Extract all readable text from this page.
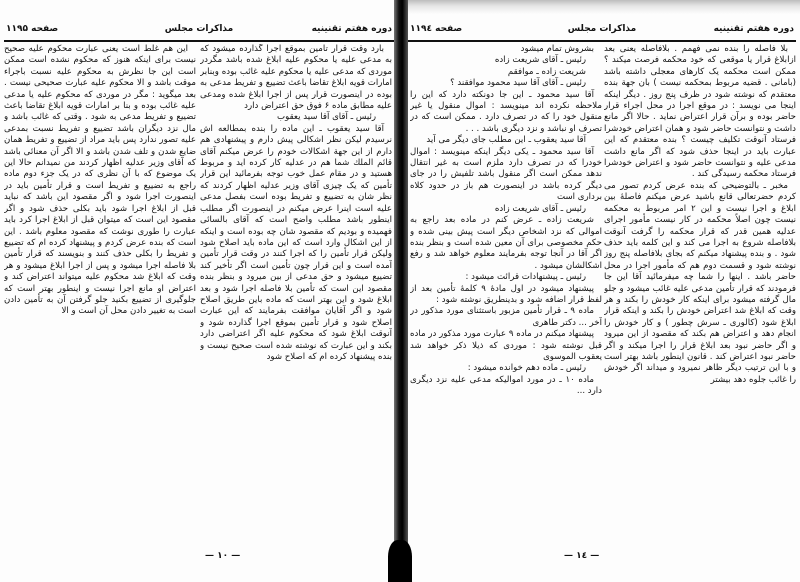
دوره هفتم تقنینیه
مذاکرات مجلس
صفحه ۱۱۹۵

بارد وقت قرار تأمین بموقع اجرا گذارده میشود که به مدعی علیه یا محکوم علیه ابلاغ شده باشد مگردر موردی که مدعی علیه یا محکوم علیه غائب بوده وبنابر امارات قویه ابلاغ تقاضا باعث تضییع و تفریط مدعی به بوده در اینصورت قرار پس از اجرا ابلاغ شده ومدعی علیه مطابق ماده ۶ فوق حق اعتراض دارد

رئیس ـ آقای آقا سید یعقوب

آقا سید یعقوب ـ این ماده را بنده بمطالعه اش نرسیدم لیکن نظر اشکالی پیش دارم و پیشنهادی هم دارم از این جهة اشکالات خودم را عرض میکنم آقای قائم الملك شما هم در عدلیه کار کرده اید و مربوط هستید و در مقام عمل خوب توجه بفرمائید این قرار تأمین که یک چیزی آقای وزیر عدلیه اظهار کردند که نظر شان به تضییع و تفریط بوده است بفصل مدعی علیه است اینرا عرض میکنم در اینصورت اگر مطلب اینطور باشد مطلب واضح است که آقای بالسائی فهمیده و بودیم که مقصود شان چه بوده است و اینکه از این اشکال وارد است که این ماده باید اصلاح شود ولیکن قرار تأمین را که اجرا کنند در وقت قرار تأمین آمده است و این قرار چون تأمین است اگر تأخیر کند تضییع میشود و حق مدعی از بین میرود و بنظر بنده مقصود این است که تأمین بلا فاصله اجرا شود و بعد ابلاغ شود و این بهتر است که ماده باین طریق اصلاح شود و اگر آقایان موافقت بفرمایند که این عبارت اصلاح شود و قرار تأمین بموقع اجرا گذارده شود و آنوقت ابلاغ شود که محکوم علیه اگر اعتراضی دارد بکند و این عبارت که نوشته شده است صحیح نیست و بنده پیشنهاد کرده ام که اصلاح شود

این هم غلط است یعنی عبارت محکوم علیه صحیح نیست برای اینکه هنوز که محکوم نشده است ممکن است این جا نظرش به محکوم علیه نسبت باجراء موقت باشد و الا محکوم علیه عبارت صحیحی نیست . بعد میگوید : مگر در موردی که محکوم علیه یا مدعی علیه غائب بوده و بنا بر امارات قویه ابلاغ تقاضا باعث تضییع و تفریط مدعی به شود . وقتی که غائب باشد و مال نزد دیگران باشد تضییع و تفریط نسبت بمدعی علیه تصور ندارد پس باید مراد از تضییع و تفریط همان ضایع شدن و تلف شدن باشد و الا اگر آن معنائی باشد که آقای وزیر عدلیه اظهار کردند من نمیدانم حالا این یک موضوع که با آن نظری که در یک جزء دوم ماده راجع به تضییع و تفریط است و قرار تأمین باید در اینصورت اجرا شود و اگر مقصود این باشد که نباید قبل از ابلاغ اجرا شود باید بکلی حذف شود و اگر مقصود این است که میتوان قبل از ابلاغ اجرا کرد باید عبارت را طوری نوشت که مقصود معلوم باشد . این است که بنده عرض کردم و پیشنهاد کرده ام که تضییع و تفریط را بکلی حذف کنند و بنویسند که قرار تأمین بلا فاصله اجرا میشود و پس از اجرا ابلاغ میشود و هر وقت که ابلاغ شد محکوم علیه میتواند اعتراض کند و اعتراض او مانع اجرا نیست و اینطور بهتر است که جلوگیری از تضییع بکنید جلو گرفتن آن به تأمین دادن است به تغییر دادن محل آن است و الا

— ۱۰ —
دوره هفتم تقنینیه
مذاکرات مجلس
صفحه ۱۱۹٤

بلا فاصله را بنده نمی فهمم . بلافاصله یعنی بعد ازابلاغ قرار یا موقعی که خود محکمه فرصت میکند ؟ ممکن است محکمه یک کارهای معجلی داشته باشد (بامانی . قضیه مربوط بمحکمه نیست ) بان جهة بنده معتقدم که نوشته شود در ظرف پنج روز . دیگر اینکه اینجا می نویسد : در موقع اجرا در محل اجراء قرار حاضر بوده و برآن قرار اعتراض نماید . حالا اگر مانع داشت و نتوانست حاضر شود و همان اعتراض خودشرا فرستاد آنوقت تکلیف چیست ؟ بنده معتقدم که این عبارت باید در اینجا حذف شود که اگر مانع داشت مدعی علیه و نتوانست حاضر شود و اعتراض خودشرا فرستاد محکمه رسیدگی کند .

مخبر ـ بالتوضیحی که بنده عرض کردم تصور می کردم حضرتعالی قانع باشید عرض میکنم فاصلهٔ بین ابلاغ و اجرا نیست و این ۲ امر مربوط به محکمه نیست چون اصلاً محکمه در کار نیست مأمور اجرای عدلیه همین قدر که قرار محکمه را گرفت آنوقت بلافاصله شروع به اجرا می کند و این کلمه باید حذف شود . و بنده پیشنهاد میکنم که بجای بلافاصله پنج روز نوشته شود و قسمت دوم هم که مأمور اجرا در محل حاضر باشد . اینها را شما چه میفرمائید آقا این جا فرمودند که قرار تأمین مدعی علیه غائب میشود و جلو مال گرفته میشود برای اینکه کار خودش را بکند و هر وقت که ابلاغ شد اعتراض خودش را بکند و اینکه قرار ابلاغ شود (کالوری ـ سرش چطور ) و کار خودش را انجام دهد و اعتراض هم بکند که مقصود از این میرود و اگر حاضر نبود بعد ابلاغ قرار را اجرا میکند و اگر حاضر نبود اعتراض کند . قانون اینطور باشد بهتر است و با این ترتیب دیگر ظاهر نمیرود و میداند اگر خودش را غائب جلوه دهد بیشتر

بشروش تمام میشود

رئیس ـ آقای شریعت زاده

شریعت زاده ـ موافقم

رئیس ـ آقای آقا سید محمود موافقند ؟

آقا سید محمود ـ این جا دونکته دارد که این را ملاحظه نکرده اند مینویسد : اموال منقول یا غیر منقول خود را که در تصرف دارد . ممکن است که در تصرف او نباشد و نزد دیگری باشد . . .

آقا سید یعقوب ـ این مطلب جای دیگر می آید

آقا سید محمود ـ یکی دیگر اینکه مینویسد : اموال خودرا که در تصرف دارد ملزم است به غیر انتقال ندهد ممکن است اگر منقول باشد تلفیش را در جای دیگر کرده باشد در اینصورت هم باز در حدود کلاه برداری است

رئیس ـ آقای شریعت زاده

شریعت زاده ـ عرض کنم در ماده بعد راجع به اموالی که نزد اشخاص دیگر است پیش بینی شده و حکم مخصوصی برای آن معین شده است و بنظر بنده اگر آقا در آنجا توجه بفرمایند معلوم خواهد شد و رفع اشکالشان میشود .

رئیس ـ پیشنهادات قرائت میشود :

پیشنهاد میشود در اول مادهٔ ۹ کلمهٔ تأمین بعد از لفظ قرار اضافه شود و بدینطریق نوشته شود :

ماده ۹ ـ قرار تأمین مزبور باستثنای مورد مذکور در آخر ... دکتر طاهری

پیشنهاد میکنم در ماده ۹ عبارت مورد مذکور در ماده قبل نوشته شود : موردی که ذیلا ذکر خواهد شد یعقوب الموسوی

رئیس ـ ماده دهم خوانده میشود :

ماده ۱۰ ـ در مورد اموالیکه مدعی علیه نزد دیگری دارد ...

— ۱٤ —
